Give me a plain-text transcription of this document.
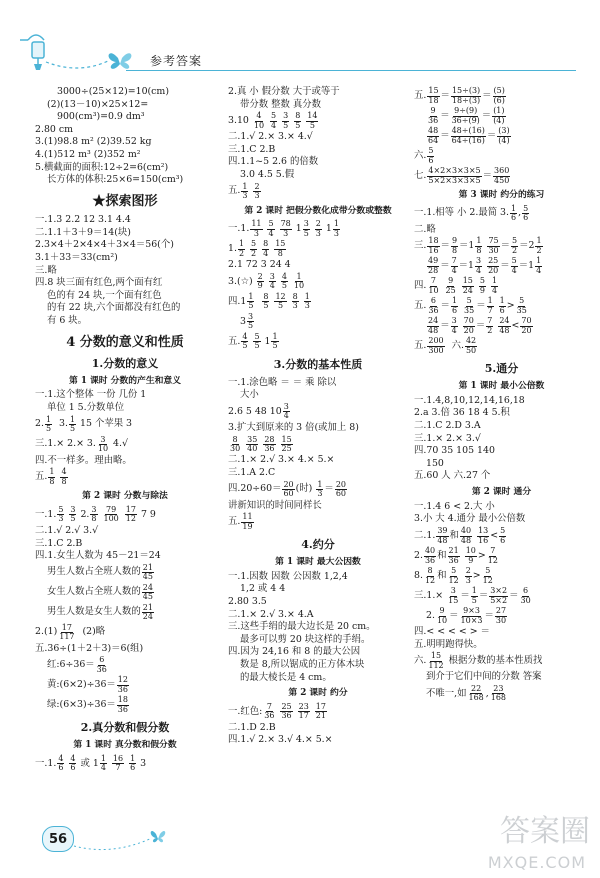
参考答案
3000÷(25×12)=10(cm)
(2)(13－10)×25×12=
900(cm³)=0.9 dm³
2.80 cm
3.(1)98.8 m² (2)39.52 kg
4.(1)512 m³ (2)352 m²
5.横截面的面积:12÷2=6(cm²)
长方体的体积:25×6=150(cm³)
★探索图形
一.1.3 2.2 12 3.1 4.4
二.1.1＋3＋9＝14(块)
2.3×4＋2×4×4＋3×4＝56(个)
3.1＋33＝33(cm²)
三.略
四.8 块三面有红色,两个面有红
色的有 24 块,一个面有红色
的有 22 块,六个面都没有红色的
有 6 块。
4 分数的意义和性质
1.分数的意义
第 1 课时 分数的产生和意义
一.1.这个整体 一份 几份 1
单位 1 5.分数单位
2. $\frac{1}{5}$
3. $\frac{1}{5}$
15 个苹果 3
三.1.× 2.× 3. $\frac{3}{10}$
4.√
四.不一样多。理由略。
五. $\frac{1}{8}$
$\frac{4}{8}$
第 2 课时 分数与除法
一.1. $\frac{5}{3}$
$\frac{3}{5}$
2. $\frac{3}{8}$
$\frac{79}{100}$
$\frac{17}{12}$
7 9
二.1.√ 2.√ 3.√
三.1.C 2.B
四.1.女生人数为 45－21＝24
男生人数占全班人数的 $\frac{21}{45}$
女生人数占全班人数的 $\frac{24}{45}$
男生人数是女生人数的 $\frac{21}{24}$
$2.(1) \frac{17}{117}$
(2)略
五.36÷(1＋2＋3)＝6(组)
红:6÷36＝ $\frac{6}{36}$
黄:(6×2)÷36＝ $\frac{12}{36}$
绿:(6×3)÷36＝ $\frac{18}{36}$
2.真分数和假分数
第 1 课时 真分数和假分数
一.1. $\frac{4}{6}$
$\frac{4}{6}$
或 $1 \frac{1}{4}$
$\frac{16}{7}$
$\frac{1}{6}$
3
2.真 小 假分数 大于或等于
带分数 整数 真分数
3.10
$\frac{4}{10}$
$\frac{5}{4}$
$\frac{3}{5}$
$\frac{8}{5}$
$\frac{14}{5}$
二.1.√ 2.× 3.× 4.√
三.1.C 2.B
四.1.1~5 2.6 的倍数
3.0 4.5 5.假
五. $\frac{1}{3}$
$\frac{2}{3}$
第 2 课时 把假分数化成带分数或整数
一.1. $\frac{11}{3}$
$\frac{5}{4}$
$\frac{78}{3} 1 \frac{3}{5}$
$\frac{2}{3} 1 \frac{1}{3}$
1. $\frac{1}{2}$
$\frac{5}{2}$
$\frac{8}{4}$
$\frac{15}{8}$
2.1 72 3 24 4
3.(☆)
$\frac{2}{9}$
$\frac{3}{4}$
$\frac{4}{5}$
$\frac{1}{10}$
四$.1 \frac{1}{5}$
$\frac{8}{5}$
$\frac{12}{5}$
$\frac{8}{3}$
$\frac{1}{3}$
$3 \frac{3}{5}$
五. $\frac{4}{5}$
$\frac{5}{5} 1 \frac{1}{5}$
3.分数的基本性质
一.1.涂色略 ＝ ＝ 乘 除以
大小
2.6 5 48 $10 \frac{3}{4}$
3.扩大到原来的 3 倍(或加上 8)
$\frac{8}{30}$
$\frac{35}{40}$
$\frac{28}{36}$
$\frac{15}{25}$
二.1.× 2.√ 3.× 4.× 5.×
三.1.A 2.C
四$.20\div 60= \frac{20}{60}$ (时)
$\frac{1}{3} = \frac{20}{60}$
讲新知识的时间同样长
五. $\frac{11}{19}$
4.约分
第 1 课时 最大公因数
一.1.因数 因数 公因数 1,2,4
1,2 或 4 4
2.80 3.5
二.1.× 2.√ 3.× 4.A
三.这些手绢的最大边长是 20 cm。
最多可以剪 20 块这样的手绢。
四.因为 24,16 和 8 的最大公因
数是 8,所以锯成的正方体木块
的最大棱长是 4 cm。
第 2 课时 约分
一.红色: $\frac{7}{36}$
$\frac{25}{36}$
$\frac{23}{17}$
$\frac{17}{21}$
二.1.D 2.B
四.1.√ 2.× 3.√ 4.× 5.×
五. $\frac{15}{18} = \frac{15\div(3)}{18\div(3)} = \frac{(5)}{(6)}$
$\frac{9}{36} = \frac{9\div(9)}{36\div(9)} = \frac{(1)}{(4)}$
$\frac{48}{64} = \frac{48\div(16)}{64\div(16)} = \frac{(3)}{(4)}$
六. $\frac{5}{6}$
七. $\frac{4\times 2\times 3\times 3\times 5}{5\times 2\times 3\times 3\times 5} = \frac{360}{450}$
第 3 课时 约分的练习
一.1.相等 小 2.最简 3. $\frac{1}{6}$ , $\frac{5}{6}$
二.略
三. $\frac{18}{16} = \frac{9}{8} =1 \frac{1}{8}$
$\frac{75}{30} = \frac{5}{2} =2 \frac{1}{2}$
$\frac{49}{28} = \frac{7}{4} =1 \frac{3}{4}$
$\frac{25}{20} = \frac{5}{4} =1 \frac{1}{4}$
四. $\frac{7}{10}$
$\frac{9}{25}$
$\frac{15}{24}$
$\frac{5}{9}$
$\frac{1}{4}$
五. $\frac{6}{36} = \frac{1}{6}$
$\frac{5}{35} = \frac{1}{7}$
$\frac{1}{6} > \frac{5}{35}$
$\frac{24}{48} = \frac{3}{4}$
$\frac{70}{20} = \frac{7}{2}$
$\frac{24}{48} < \frac{70}{20}$
五. $\frac{200}{300}$
六. $\frac{42}{50}$
5.通分
第 1 课时 最小公倍数
一.1.4,8,10,12,14,16,18
2.a 3.倍 36 18 4 5.积
二.1.C 2.D 3.A
三.1.× 2.× 3.√
四.70 35 105 140
150
五.60 人 六.27 个
第 2 课时 通分
一.1.4 6 < 2.大 小
3.小 大 4.通分 最小公倍数
二.1. $\frac{39}{48}$ 和 $\frac{40}{48}$
$\frac{13}{16} < \frac{5}{6}$
2. $\frac{40}{36}$ 和 $\frac{21}{36}$
$\frac{10}{9} > \frac{7}{12}$
8. $\frac{8}{12}$ 和 $\frac{5}{12}$
$\frac{2}{3} > \frac{5}{12}$
三.1.×
$\frac{3}{15} = \frac{1}{5} = \frac{3\times 2}{5\times 2} = \frac{6}{30}$
2. $\frac{9}{10} = \frac{9\times 3}{10\times 3} = \frac{27}{30}$
四.< < < < > ＝
五.明明跑得快。
六. $\frac{15}{112}$
根据分数的基本性质找
到介于它们中间的分数 答案
不唯一,如 $\frac{22}{168}$ , $\frac{23}{168}$
56	答案圈
MXQE.COM
